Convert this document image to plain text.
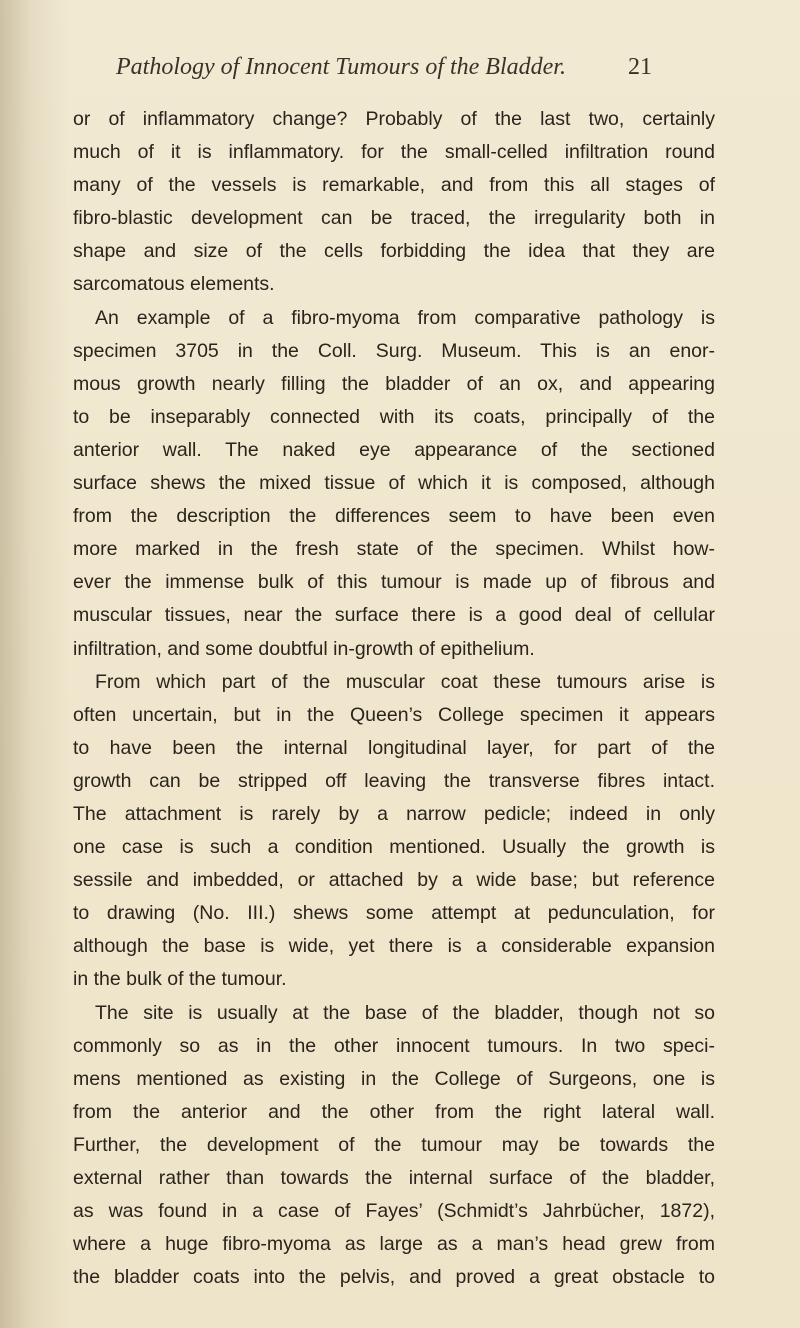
Pathology of Innocent Tumours of the Bladder.	21
or of inflammatory change? Probably of the last two, certainly
much of it is inflammatory. for the small-celled infiltration round
many of the vessels is remarkable, and from this all stages of
fibro-blastic development can be traced, the irregularity both in
shape and size of the cells forbidding the idea that they are
sarcomatous elements.
An example of a fibro-myoma from comparative pathology is
specimen 3705 in the Coll. Surg. Museum. This is an enor-
mous growth nearly filling the bladder of an ox, and appearing
to be inseparably connected with its coats, principally of the
anterior wall. The naked eye appearance of the sectioned
surface shews the mixed tissue of which it is composed, although
from the description the differences seem to have been even
more marked in the fresh state of the specimen. Whilst how-
ever the immense bulk of this tumour is made up of fibrous and
muscular tissues, near the surface there is a good deal of cellular
infiltration, and some doubtful in-growth of epithelium.
From which part of the muscular coat these tumours arise is
often uncertain, but in the Queen’s College specimen it appears
to have been the internal longitudinal layer, for part of the
growth can be stripped off leaving the transverse fibres intact.
The attachment is rarely by a narrow pedicle; indeed in only
one case is such a condition mentioned. Usually the growth is
sessile and imbedded, or attached by a wide base; but reference
to drawing (No. III.) shews some attempt at pedunculation, for
although the base is wide, yet there is a considerable expansion
in the bulk of the tumour.
The site is usually at the base of the bladder, though not so
commonly so as in the other innocent tumours. In two speci-
mens mentioned as existing in the College of Surgeons, one is
from the anterior and the other from the right lateral wall.
Further, the development of the tumour may be towards the
external rather than towards the internal surface of the bladder,
as was found in a case of Fayes’ (Schmidt’s Jahrbücher, 1872),
where a huge fibro-myoma as large as a man’s head grew from
the bladder coats into the pelvis, and proved a great obstacle to
